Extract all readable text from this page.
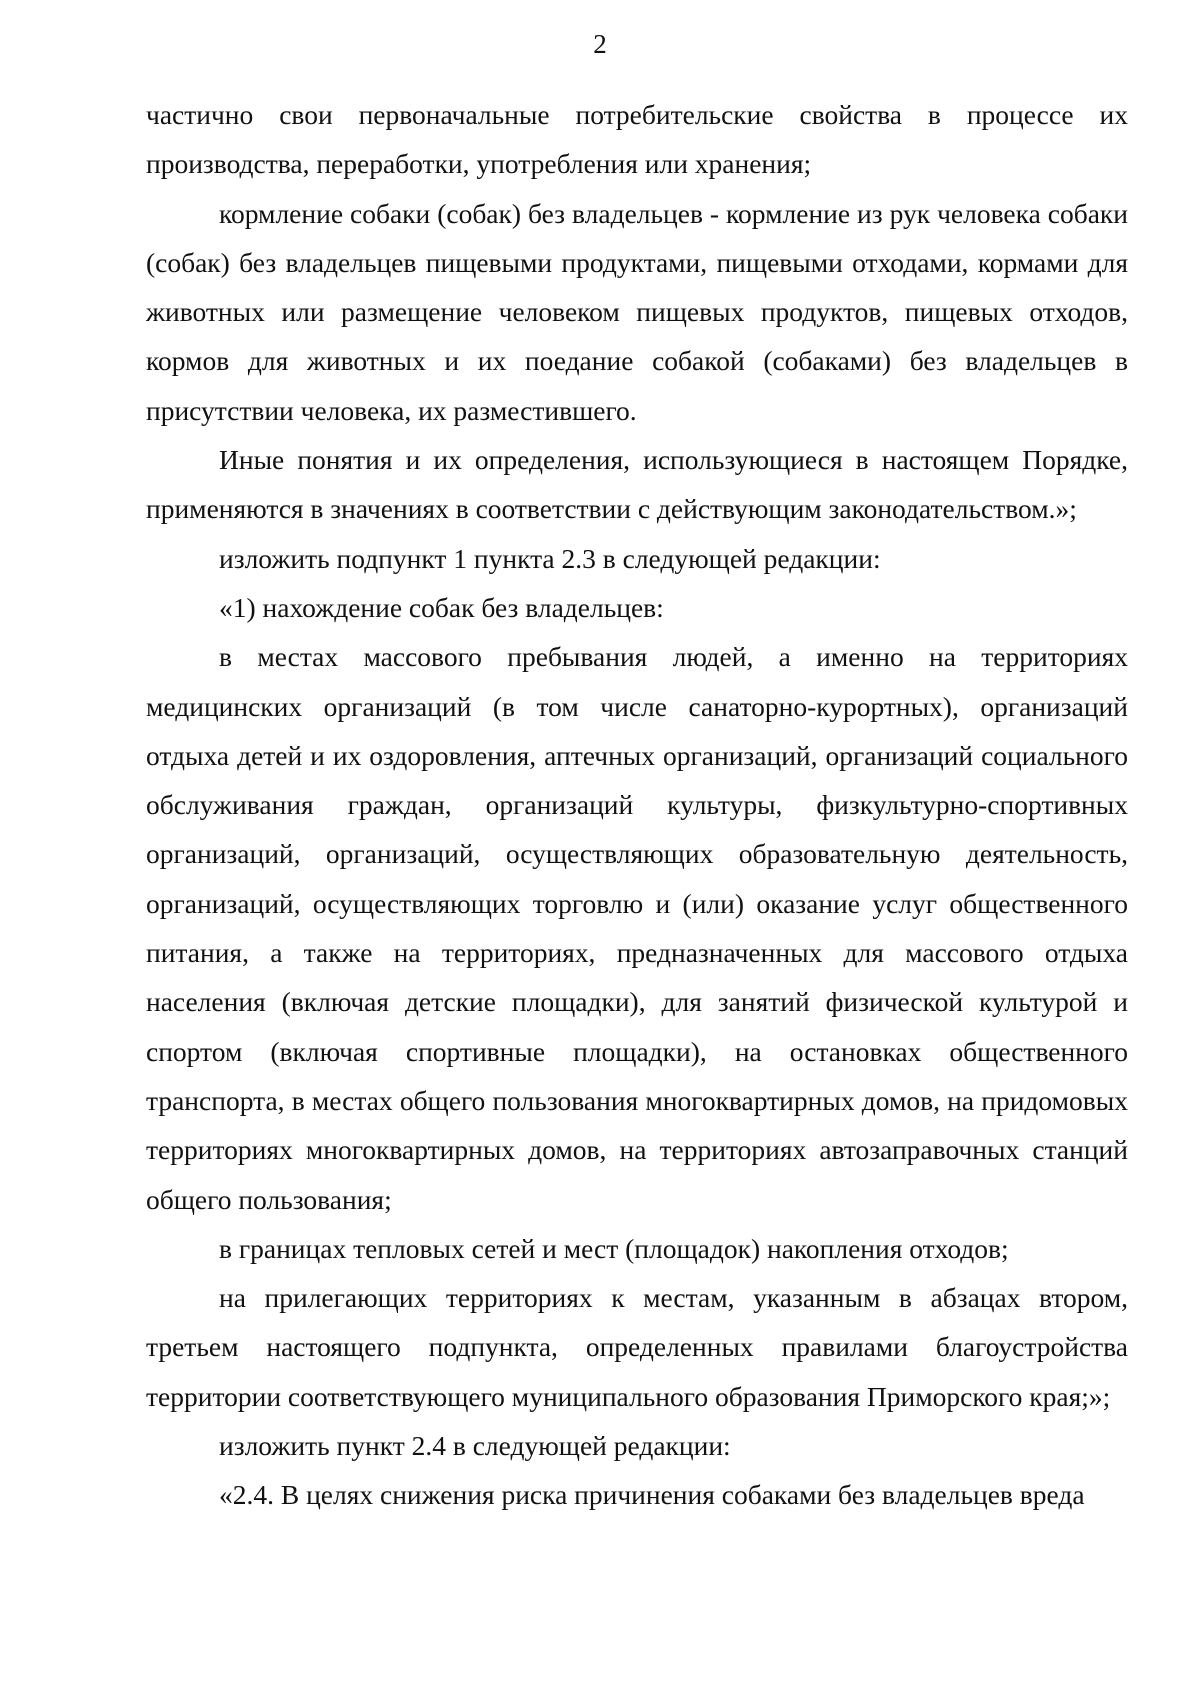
2

частично свои первоначальные потребительские свойства в процессе их производства, переработки, употребления или хранения;

кормление собаки (собак) без владельцев - кормление из рук человека собаки (собак) без владельцев пищевыми продуктами, пищевыми отходами, кормами для животных или размещение человеком пищевых продуктов, пищевых отходов, кормов для животных и их поедание собакой (собаками) без владельцев в присутствии человека, их разместившего.

Иные понятия и их определения, использующиеся в настоящем Порядке, применяются в значениях в соответствии с действующим законодательством.»;

изложить подпункт 1 пункта 2.3 в следующей редакции:

«1) нахождение собак без владельцев:

в местах массового пребывания людей, а именно на территориях медицинских организаций (в том числе санаторно-курортных), организаций отдыха детей и их оздоровления, аптечных организаций, организаций социального обслуживания граждан, организаций культуры, физкультурно-спортивных организаций, организаций, осуществляющих образовательную деятельность, организаций, осуществляющих торговлю и (или) оказание услуг общественного питания, а также на территориях, предназначенных для массового отдыха населения (включая детские площадки), для занятий физической культурой и спортом (включая спортивные площадки), на остановках общественного транспорта, в местах общего пользования многоквартирных домов, на придомовых территориях многоквартирных домов, на территориях автозаправочных станций общего пользования;

в границах тепловых сетей и мест (площадок) накопления отходов;

на прилегающих территориях к местам, указанным в абзацах втором, третьем настоящего подпункта, определенных правилами благоустройства территории соответствующего муниципального образования Приморского края;»;

изложить пункт 2.4 в следующей редакции:

«2.4. В целях снижения риска причинения собаками без владельцев вреда
